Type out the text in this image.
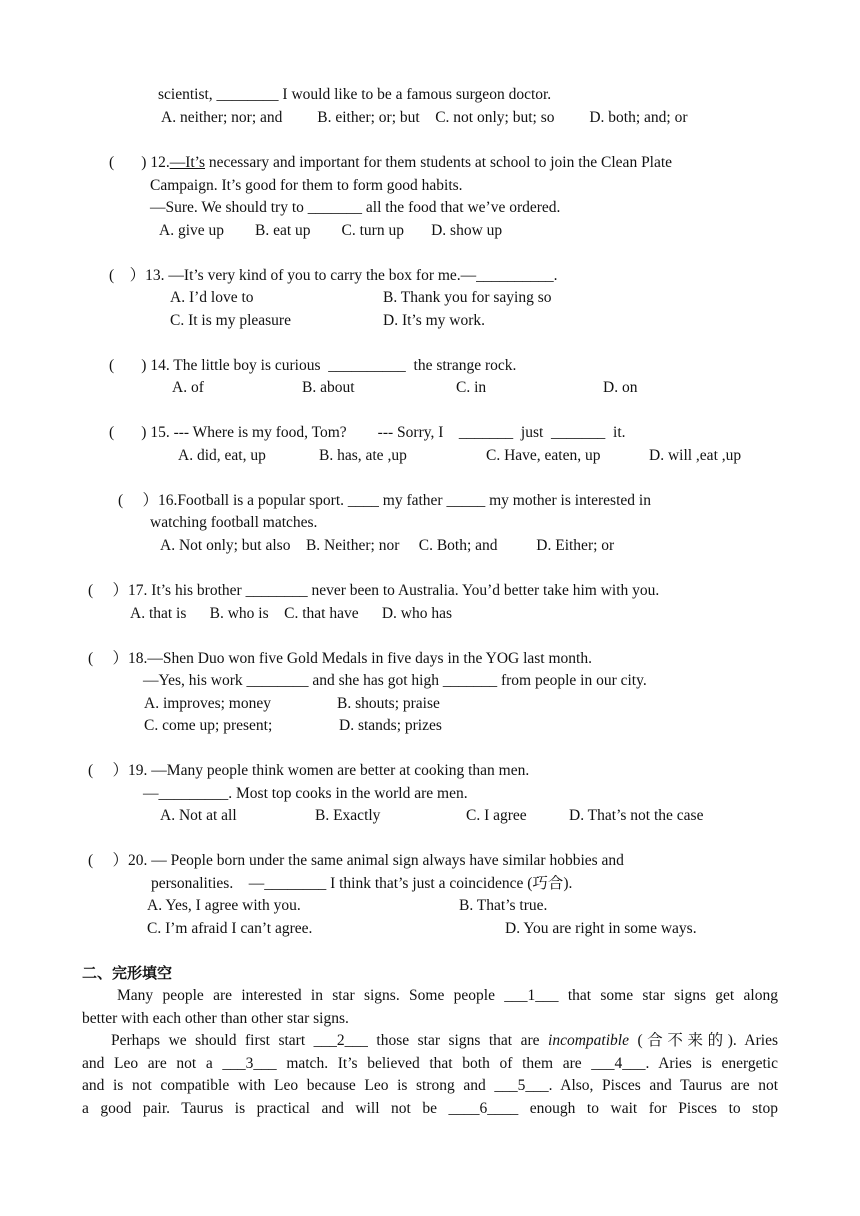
scientist, ________ I would like to be a famous surgeon doctor.
A. neither; nor; and         B. either; or; but    C. not only; but; so         D. both; and; or
(       ) 12.—It’s necessary and important for them students at school to join the Clean Plate
Campaign. It’s good for them to form good habits.
—Sure. We should try to _______ all the food that we’ve ordered.
A. give up        B. eat up        C. turn up       D. show up
(    ）13. —It’s very kind of you to carry the box for me.—__________.
A. I’d love to	B. Thank you for saying so
C. It is my pleasure	D. It’s my work.
(       ) 14. The little boy is curious  __________  the strange rock.
A. of	B. about	C. in	D. on
(       ) 15. --- Where is my food, Tom?        --- Sorry, I    _______  just  _______  it.
A. did, eat, up	B. has, ate ,up	C. Have, eaten, up	D. will ,eat ,up
(     ）16.Football is a popular sport. ____ my father _____ my mother is interested in
watching football matches.
A. Not only; but also    B. Neither; nor     C. Both; and          D. Either; or
(     ）17. It’s his brother ________ never been to Australia. You’d better take him with you.
A. that is      B. who is    C. that have      D. who has
(     ）18.—Shen Duo won five Gold Medals in five days in the YOG last month.
—Yes, his work ________ and she has got high _______ from people in our city.
A. improves; money	B. shouts; praise
C. come up; present;	D. stands; prizes
(     ）19. —Many people think women are better at cooking than men.
—_________. Most top cooks in the world are men.
A. Not at all	B. Exactly	C. I agree	D. That’s not the case
(     ）20. — People born under the same animal sign always have similar hobbies and
personalities.    —________ I think that’s just a coincidence (巧合).
A. Yes, I agree with you.	B. That’s true.
C. I’m afraid I can’t agree.	D. You are right in some ways.
二、完形填空
Many people are interested in star signs. Some people ___1___ that some star signs get along
better with each other than other star signs.
Perhaps we should first start ___2___ those star signs that are incompatible (合不来的). Aries
and Leo are not a ___3___ match. It’s believed that both of them are ___4___. Aries is energetic
and is not compatible with Leo because Leo is strong and ___5___. Also, Pisces and Taurus are not
a good pair. Taurus is practical and will not be ____6____ enough to wait for Pisces to stop
